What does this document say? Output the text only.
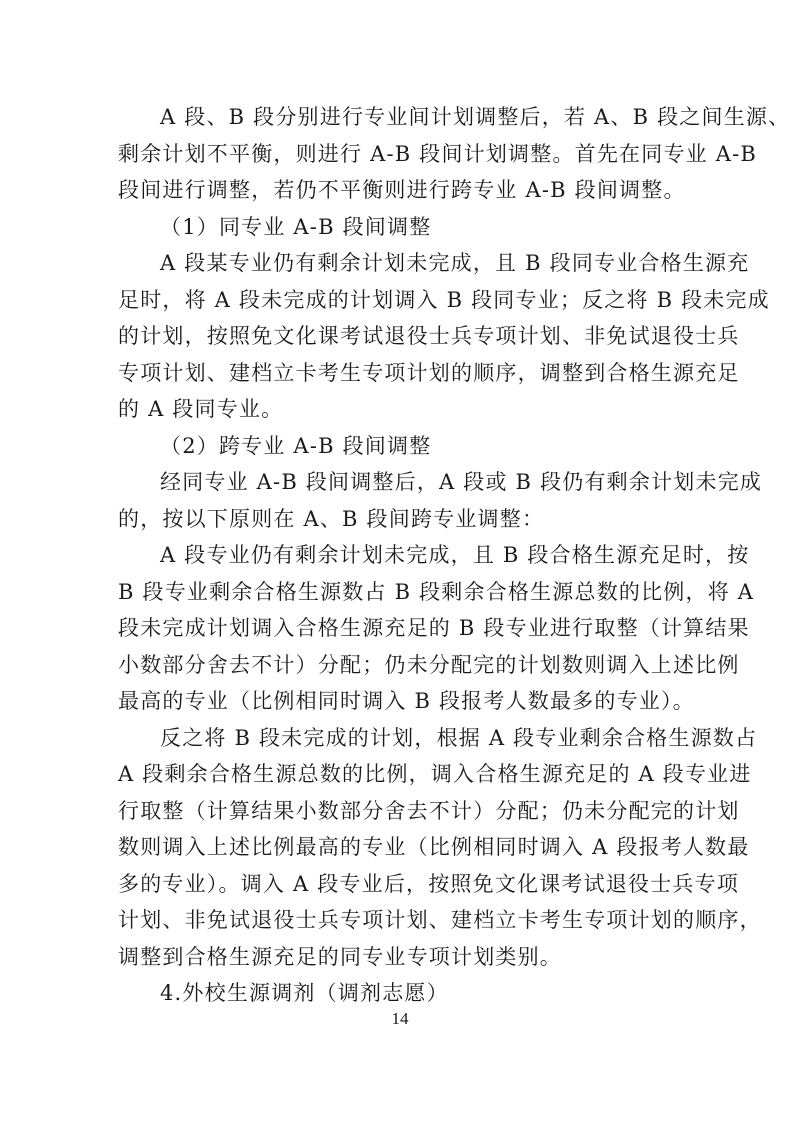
A 段、B 段分别进行专业间计划调整后，若 A、B 段之间生源、
剩余计划不平衡，则进行 A-B 段间计划调整。首先在同专业 A-B
段间进行调整，若仍不平衡则进行跨专业 A-B 段间调整。
（1）同专业 A-B 段间调整
A 段某专业仍有剩余计划未完成，且 B 段同专业合格生源充
足时，将 A 段未完成的计划调入 B 段同专业；反之将 B 段未完成
的计划，按照免文化课考试退役士兵专项计划、非免试退役士兵
专项计划、建档立卡考生专项计划的顺序，调整到合格生源充足
的 A 段同专业。
（2）跨专业 A-B 段间调整
经同专业 A-B 段间调整后，A 段或 B 段仍有剩余计划未完成
的，按以下原则在 A、B 段间跨专业调整：
A 段专业仍有剩余计划未完成，且 B 段合格生源充足时，按
B 段专业剩余合格生源数占 B 段剩余合格生源总数的比例，将 A
段未完成计划调入合格生源充足的 B 段专业进行取整（计算结果
小数部分舍去不计）分配；仍未分配完的计划数则调入上述比例
最高的专业（比例相同时调入 B 段报考人数最多的专业）。
反之将 B 段未完成的计划，根据 A 段专业剩余合格生源数占
A 段剩余合格生源总数的比例，调入合格生源充足的 A 段专业进
行取整（计算结果小数部分舍去不计）分配；仍未分配完的计划
数则调入上述比例最高的专业（比例相同时调入 A 段报考人数最
多的专业）。调入 A 段专业后，按照免文化课考试退役士兵专项
计划、非免试退役士兵专项计划、建档立卡考生专项计划的顺序，
调整到合格生源充足的同专业专项计划类别。
4.外校生源调剂（调剂志愿）
14
